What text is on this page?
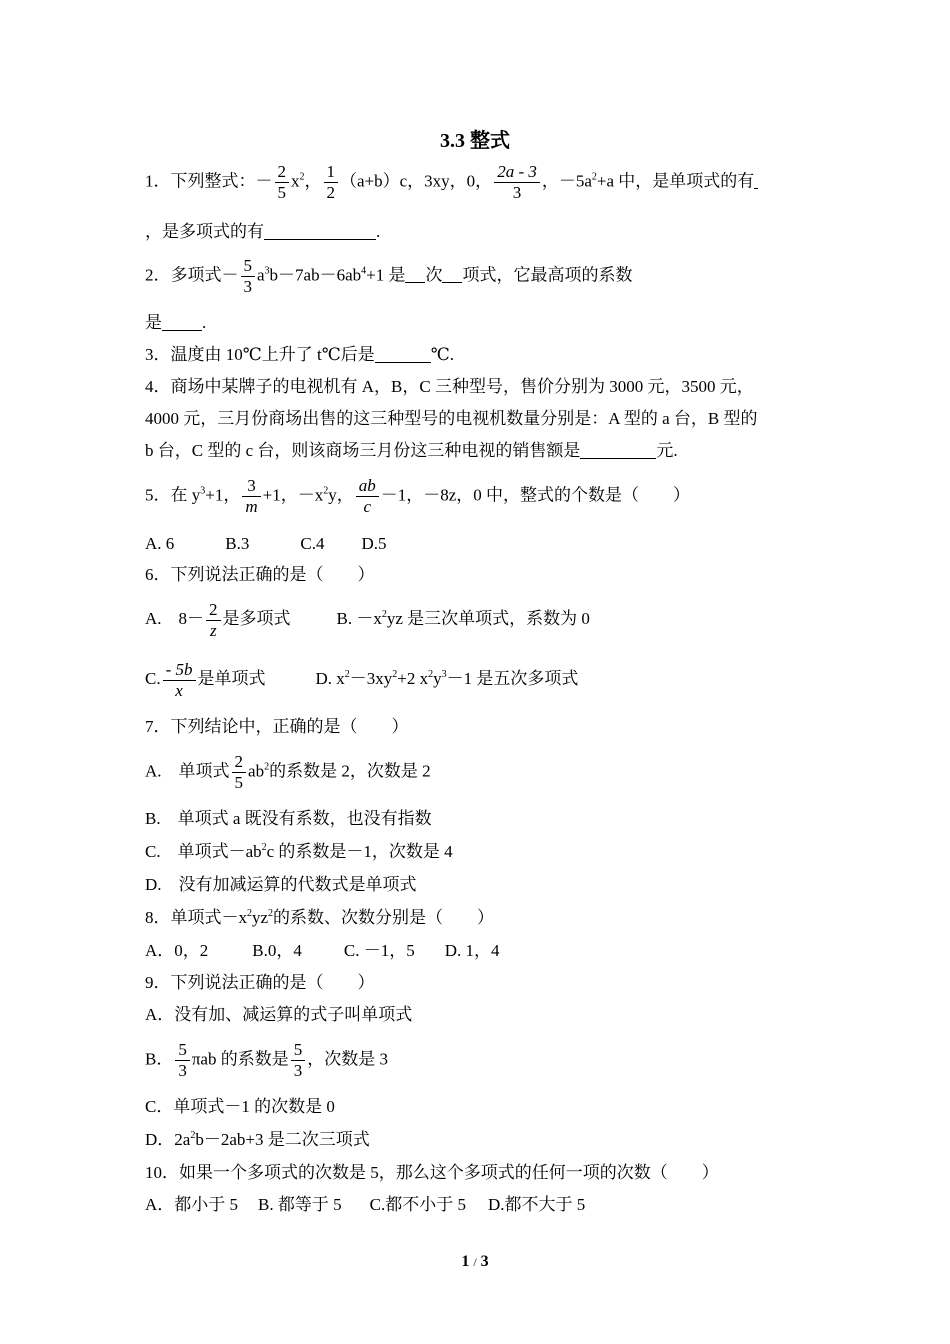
3.3 整式
1．下列整式：－ $\frac{2}{5} x^2$， $\frac{1}{2} (a+b)c$，3xy，0， $\frac{2a - 3}{3}$ ，$-5a^2+a$ 中，是单项式的有
，是多项式的有	.
2．多项式－ $\frac{5}{3} a^3b-7ab-6ab^4+1$ 是 次 项式，它最高项的系数
是 .
3．温度由 10℃上升了 t℃后是	℃.
4．商场中某牌子的电视机有 A，B，C 三种型号，售价分别为 3000 元，3500 元，
4000 元，三月份商场出售的这三种型号的电视机数量分别是：A 型的 a 台，B 型的
b 台，C 型的 c 台，则该商场三月份这三种电视的销售额是	元.
5．在 $y^3+1$， $\frac{3}{m} +1$，$-x^2y$， $\frac{ab}{c} -1$，－8z，0 中，整式的个数是（　　）
A. 6	B.3	C.4 D.5
6．下列说法正确的是（　　）
A.　$8- \frac{2}{z}$ 是多项式	B. $-x^2yz$ 是三次单项式，系数为 0
C. $\frac{- 5b}{x}$ 是单项式	D. $x^2-3xy^2+2$ $x^2y^3-1$ 是五次多项式
7．下列结论中，正确的是（　　）
A.　单项式 $\frac{2}{5} ab^2$的系数是 2，次数是 2
B.　单项式 a 既没有系数，也没有指数
C.　单项式$-ab^2c$ 的系数是－1，次数是 4
D.　没有加减运算的代数式是单项式
8．单项式$-x^2yz^2$的系数、次数分别是（　　）
A．0，2	B.0，4 C. －1，5 D. 1，4
9．下列说法正确的是（　　）
A．没有加、减运算的式子叫单项式
B． $\frac{5}{3}$ πab 的系数是 $\frac{5}{3}$ ，次数是 3
C．单项式－1 的次数是 0
D．$2a^2b-2ab+3$ 是二次三项式
10．如果一个多项式的次数是 5，那么这个多项式的任何一项的次数（　　）
A．都小于 5 B. 都等于 5 C.都不小于 5 D.都不大于 5
1 / 3
